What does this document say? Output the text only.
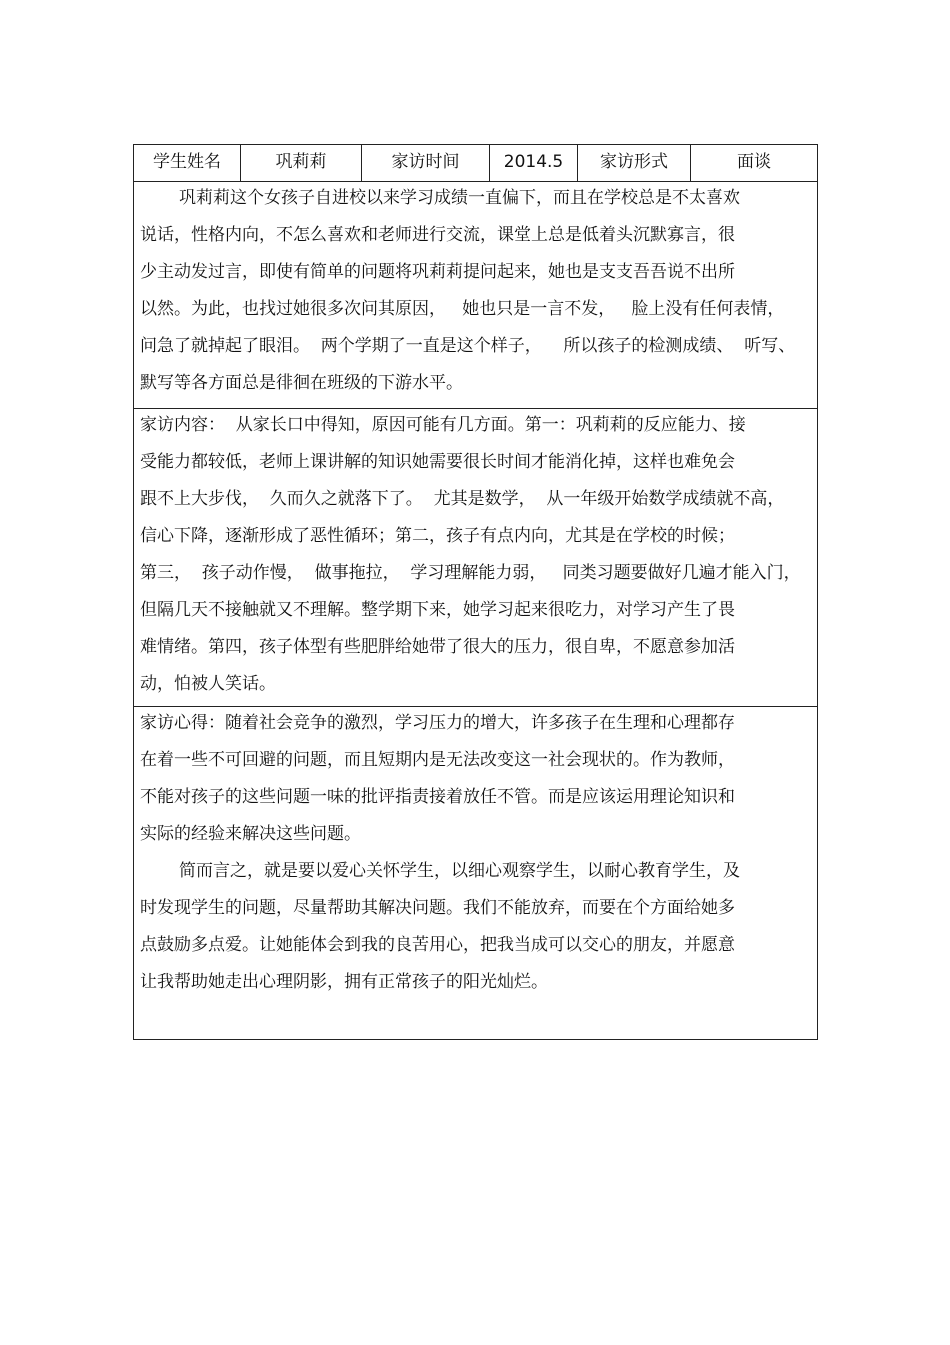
学生姓名	巩莉莉	家访时间	2014.5	家访形式	面谈
巩莉莉这个女孩子自进校以来学习成绩一直偏下，而且在学校总是不太喜欢
说话，性格内向，不怎么喜欢和老师进行交流，课堂上总是低着头沉默寡言，很
少主动发过言，即使有简单的问题将巩莉莉提问起来，她也是支支吾吾说不出所
以然。为此，也找过她很多次问其原因，   她也只是一言不发，   脸上没有任何表情，
问急了就掉起了眼泪。  两个学期了一直是这个样子，    所以孩子的检测成绩、  听写、
默写等各方面总是徘徊在班级的下游水平。
家访内容：  从家长口中得知，原因可能有几方面。第一：巩莉莉的反应能力、接
受能力都较低，老师上课讲解的知识她需要很长时间才能消化掉，这样也难免会
跟不上大步伐，  久而久之就落下了。  尤其是数学，  从一年级开始数学成绩就不高，
信心下降，逐渐形成了恶性循环；第二，孩子有点内向，尤其是在学校的时候；
第三，  孩子动作慢，  做事拖拉，  学习理解能力弱，   同类习题要做好几遍才能入门，
但隔几天不接触就又不理解。整学期下来，她学习起来很吃力，对学习产生了畏
难情绪。第四，孩子体型有些肥胖给她带了很大的压力，很自卑，不愿意参加活
动，怕被人笑话。
家访心得：随着社会竞争的激烈，学习压力的增大，许多孩子在生理和心理都存
在着一些不可回避的问题，而且短期内是无法改变这一社会现状的。作为教师，
不能对孩子的这些问题一味的批评指责接着放任不管。而是应该运用理论知识和
实际的经验来解决这些问题。
简而言之，就是要以爱心关怀学生，以细心观察学生，以耐心教育学生，及
时发现学生的问题，尽量帮助其解决问题。我们不能放弃，而要在个方面给她多
点鼓励多点爱。让她能体会到我的良苦用心，把我当成可以交心的朋友，并愿意
让我帮助她走出心理阴影，拥有正常孩子的阳光灿烂。
